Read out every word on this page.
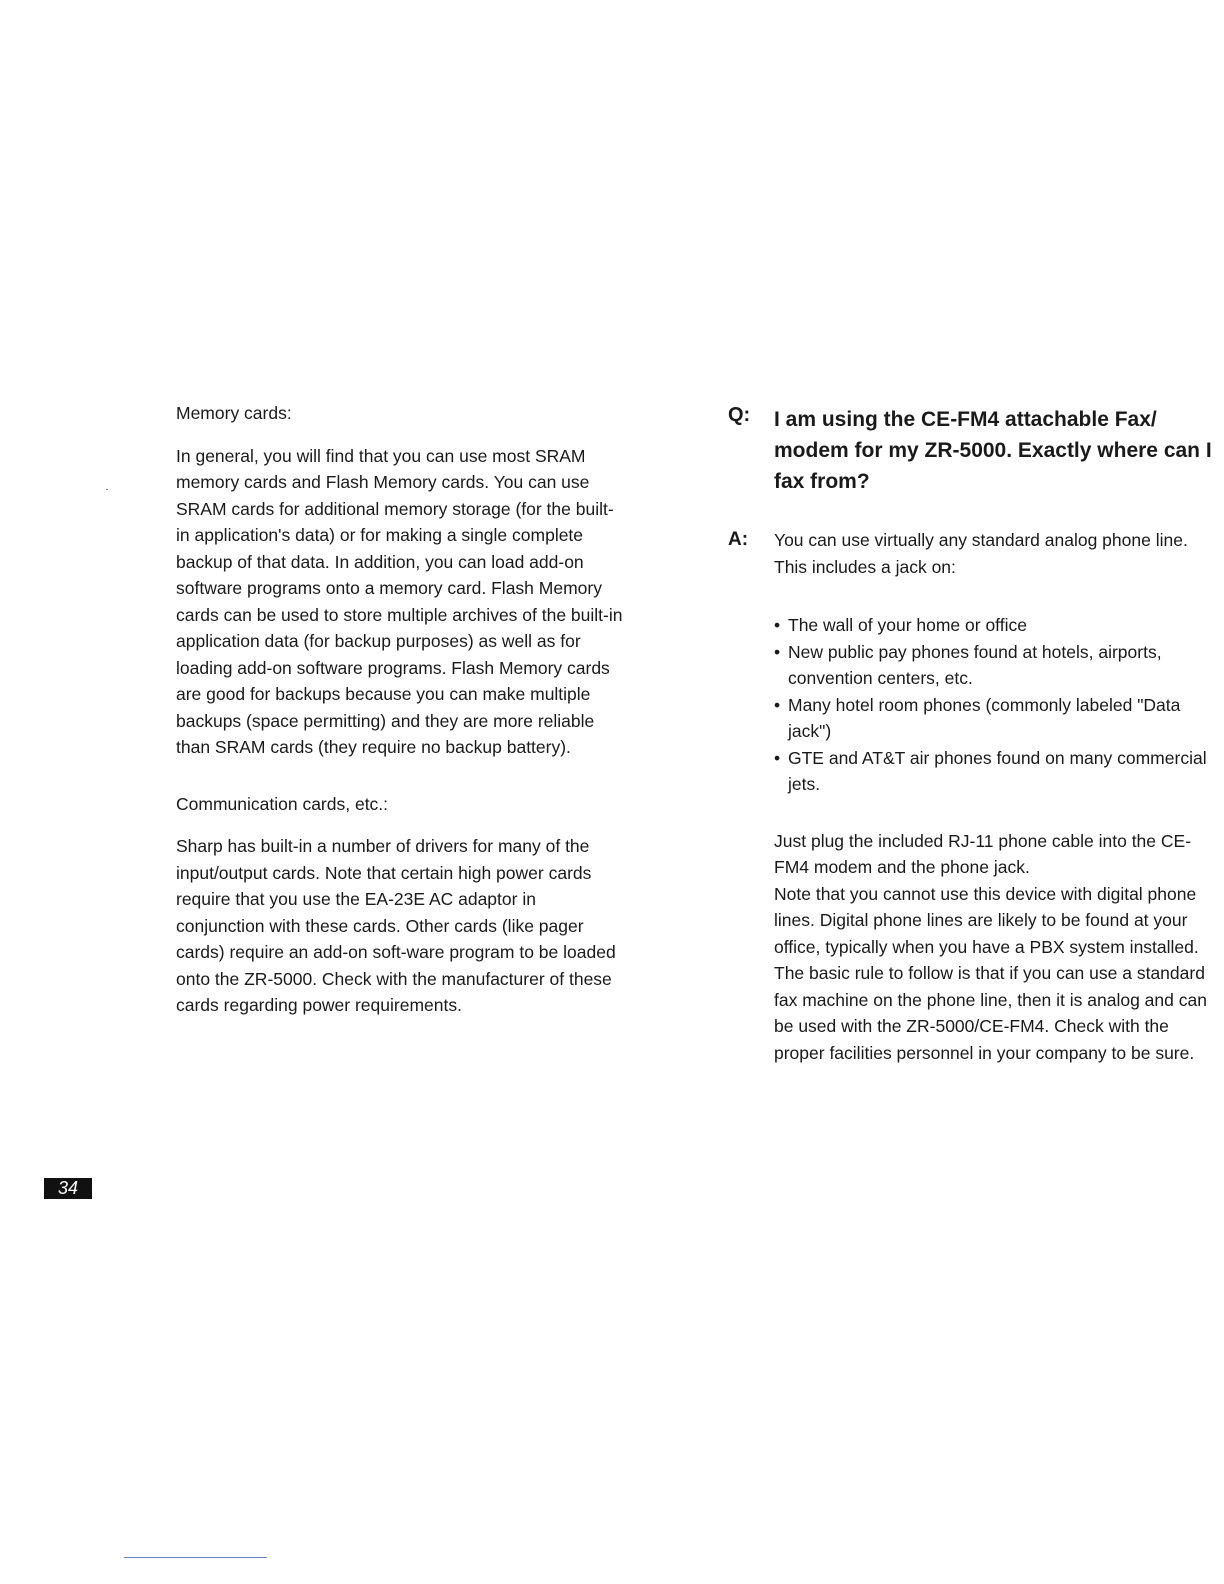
Memory cards:

In general, you will find that you can use most SRAM memory cards and Flash Memory cards. You can use SRAM cards for additional memory storage (for the built-in application's data) or for making a single complete backup of that data. In addition, you can load add-on software programs onto a memory card. Flash Memory cards can be used to store multiple archives of the built-in application data (for backup purposes) as well as for loading add-on software programs. Flash Memory cards are good for backups because you can make multiple backups (space permitting) and they are more reliable than SRAM cards (they require no backup battery).

Communication cards, etc.:

Sharp has built-in a number of drivers for many of the input/output cards. Note that certain high power cards require that you use the EA-23E AC adaptor in conjunction with these cards. Other cards (like pager cards) require an add-on soft-ware program to be loaded onto the ZR-5000. Check with the manufacturer of these cards regarding power requirements.

Q: I am using the CE-FM4 attachable Fax/ modem for my ZR-5000. Exactly where can I fax from?
A: You can use virtually any standard analog phone line. This includes a jack on:
• The wall of your home or office
• New public pay phones found at hotels, airports, convention centers, etc.
• Many hotel room phones (commonly labeled "Data jack")
• GTE and AT&T air phones found on many commercial jets.

Just plug the included RJ-11 phone cable into the CE-FM4 modem and the phone jack.

Note that you cannot use this device with digital phone lines. Digital phone lines are likely to be found at your office, typically when you have a PBX system installed.

The basic rule to follow is that if you can use a standard fax machine on the phone line, then it is analog and can be used with the ZR-5000/CE-FM4. Check with the proper facilities personnel in your company to be sure.

34
